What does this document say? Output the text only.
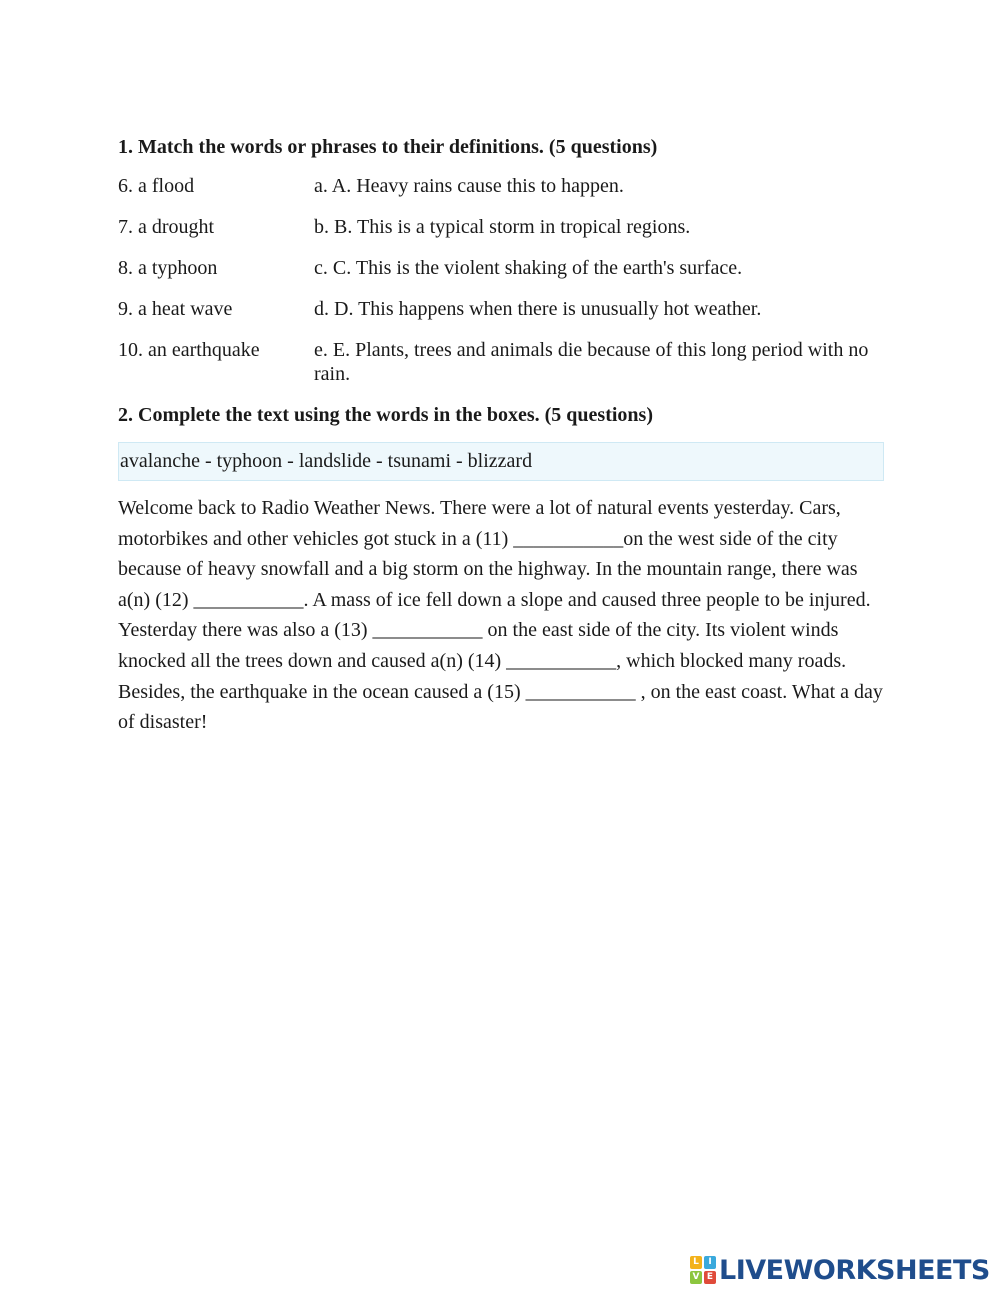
1. Match the words or phrases to their definitions. (5 questions)

6. a flood	a. A. Heavy rains cause this to happen.
7. a drought	b. B. This is a typical storm in tropical regions.
8. a typhoon	c. C. This is the violent shaking of the earth's surface.
9. a heat wave	d. D. This happens when there is unusually hot weather.
10. an earthquake	e. E. Plants, trees and animals die because of this long period with no rain.

2. Complete the text using the words in the boxes. (5 questions)

avalanche - typhoon - landslide - tsunami - blizzard
Welcome back to Radio Weather News. There were a lot of natural events yesterday. Cars, motorbikes and other vehicles got stuck in a (11) ___________on the west side of the city because of heavy snowfall and a big storm on the highway. In the mountain range, there was a(n) (12) ___________. A mass of ice fell down a slope and caused three people to be injured. Yesterday there was also a (13) ___________ on the east side of the city. Its violent winds knocked all the trees down and caused a(n) (14) ___________, which blocked many roads. Besides, the earthquake in the ocean caused a (15) ___________ , on the east coast. What a day of disaster!
L	I
V E LIVEWORKSHEETS
